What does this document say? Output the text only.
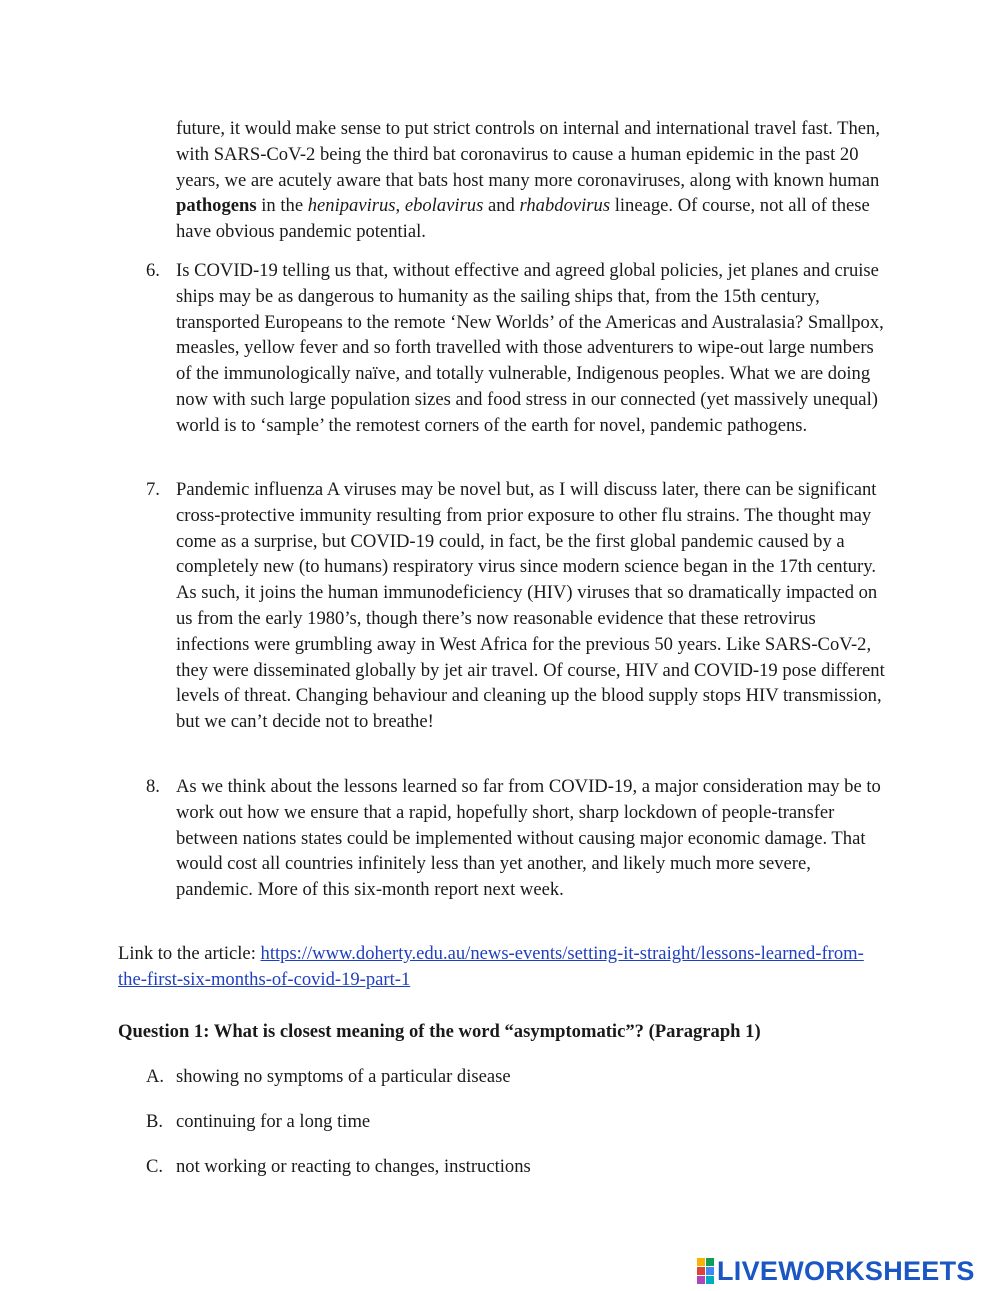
future, it would make sense to put strict controls on internal and international travel fast. Then, with SARS-CoV-2 being the third bat coronavirus to cause a human epidemic in the past 20 years, we are acutely aware that bats host many more coronaviruses, along with known human pathogens in the henipavirus, ebolavirus and rhabdovirus lineage. Of course, not all of these have obvious pandemic potential.
6. Is COVID-19 telling us that, without effective and agreed global policies, jet planes and cruise ships may be as dangerous to humanity as the sailing ships that, from the 15th century, transported Europeans to the remote ‘New Worlds’ of the Americas and Australasia? Smallpox, measles, yellow fever and so forth travelled with those adventurers to wipe-out large numbers of the immunologically naïve, and totally vulnerable, Indigenous peoples. What we are doing now with such large population sizes and food stress in our connected (yet massively unequal) world is to ‘sample’ the remotest corners of the earth for novel, pandemic pathogens.
7. Pandemic influenza A viruses may be novel but, as I will discuss later, there can be significant cross-protective immunity resulting from prior exposure to other flu strains. The thought may come as a surprise, but COVID-19 could, in fact, be the first global pandemic caused by a completely new (to humans) respiratory virus since modern science began in the 17th century. As such, it joins the human immunodeficiency (HIV) viruses that so dramatically impacted on us from the early 1980’s, though there’s now reasonable evidence that these retrovirus infections were grumbling away in West Africa for the previous 50 years. Like SARS-CoV-2, they were disseminated globally by jet air travel. Of course, HIV and COVID-19 pose different levels of threat. Changing behaviour and cleaning up the blood supply stops HIV transmission, but we can’t decide not to breathe!
8. As we think about the lessons learned so far from COVID-19, a major consideration may be to work out how we ensure that a rapid, hopefully short, sharp lockdown of people-transfer between nations states could be implemented without causing major economic damage. That would cost all countries infinitely less than yet another, and likely much more severe, pandemic. More of this six-month report next week.
Link to the article: https://www.doherty.edu.au/news-events/setting-it-straight/lessons-learned-from-the-first-six-months-of-covid-19-part-1
Question 1: What is closest meaning of the word “asymptomatic”? (Paragraph 1)
A. showing no symptoms of a particular disease
B. continuing for a long time
C. not working or reacting to changes, instructions
LIVEWORKSHEETS
